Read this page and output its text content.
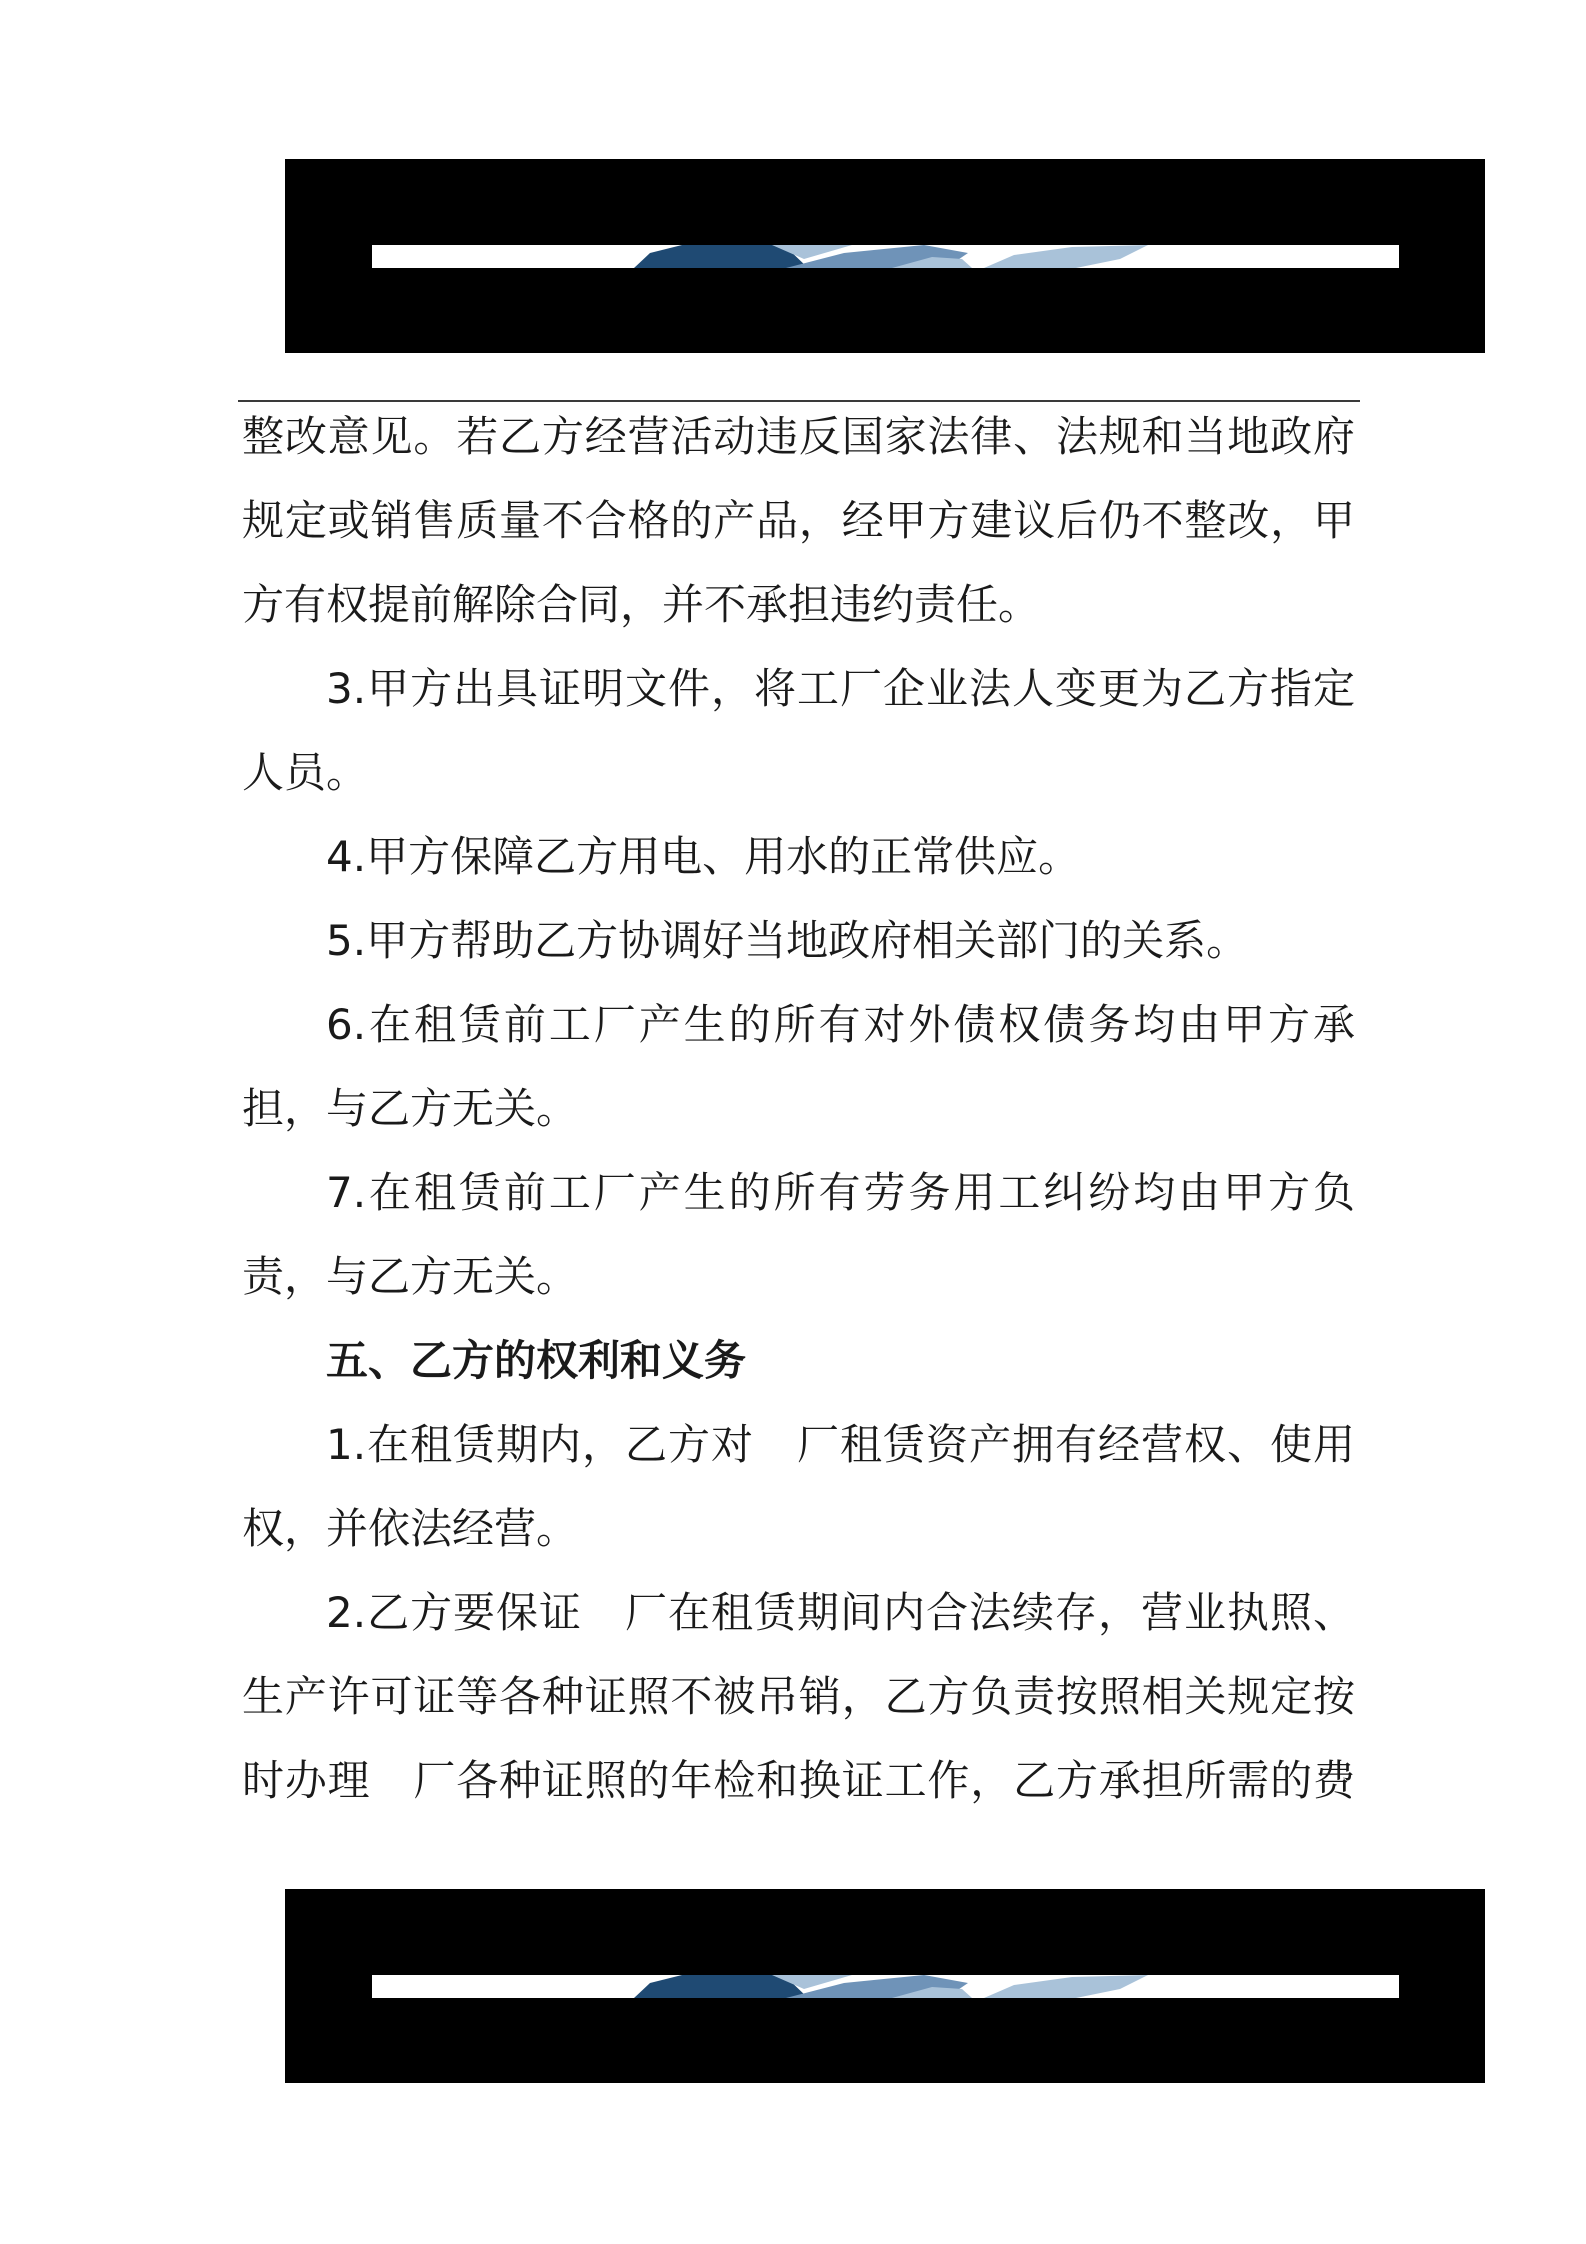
整改意见。若乙方经营活动违反国家法律、法规和当地政府
规定或销售质量不合格的产品，经甲方建议后仍不整改，甲
方有权提前解除合同，并不承担违约责任。
3.甲方出具证明文件，将工厂企业法人变更为乙方指定
人员。
4.甲方保障乙方用电、用水的正常供应。
5.甲方帮助乙方协调好当地政府相关部门的关系。
6.在租赁前工厂产生的所有对外债权债务均由甲方承
担，与乙方无关。
7.在租赁前工厂产生的所有劳务用工纠纷均由甲方负
责，与乙方无关。
五、乙方的权利和义务
1.在租赁期内，乙方对　厂租赁资产拥有经营权、使用
权，并依法经营。
2.乙方要保证　厂在租赁期间内合法续存，营业执照、
生产许可证等各种证照不被吊销，乙方负责按照相关规定按
时办理　厂各种证照的年检和换证工作，乙方承担所需的费
